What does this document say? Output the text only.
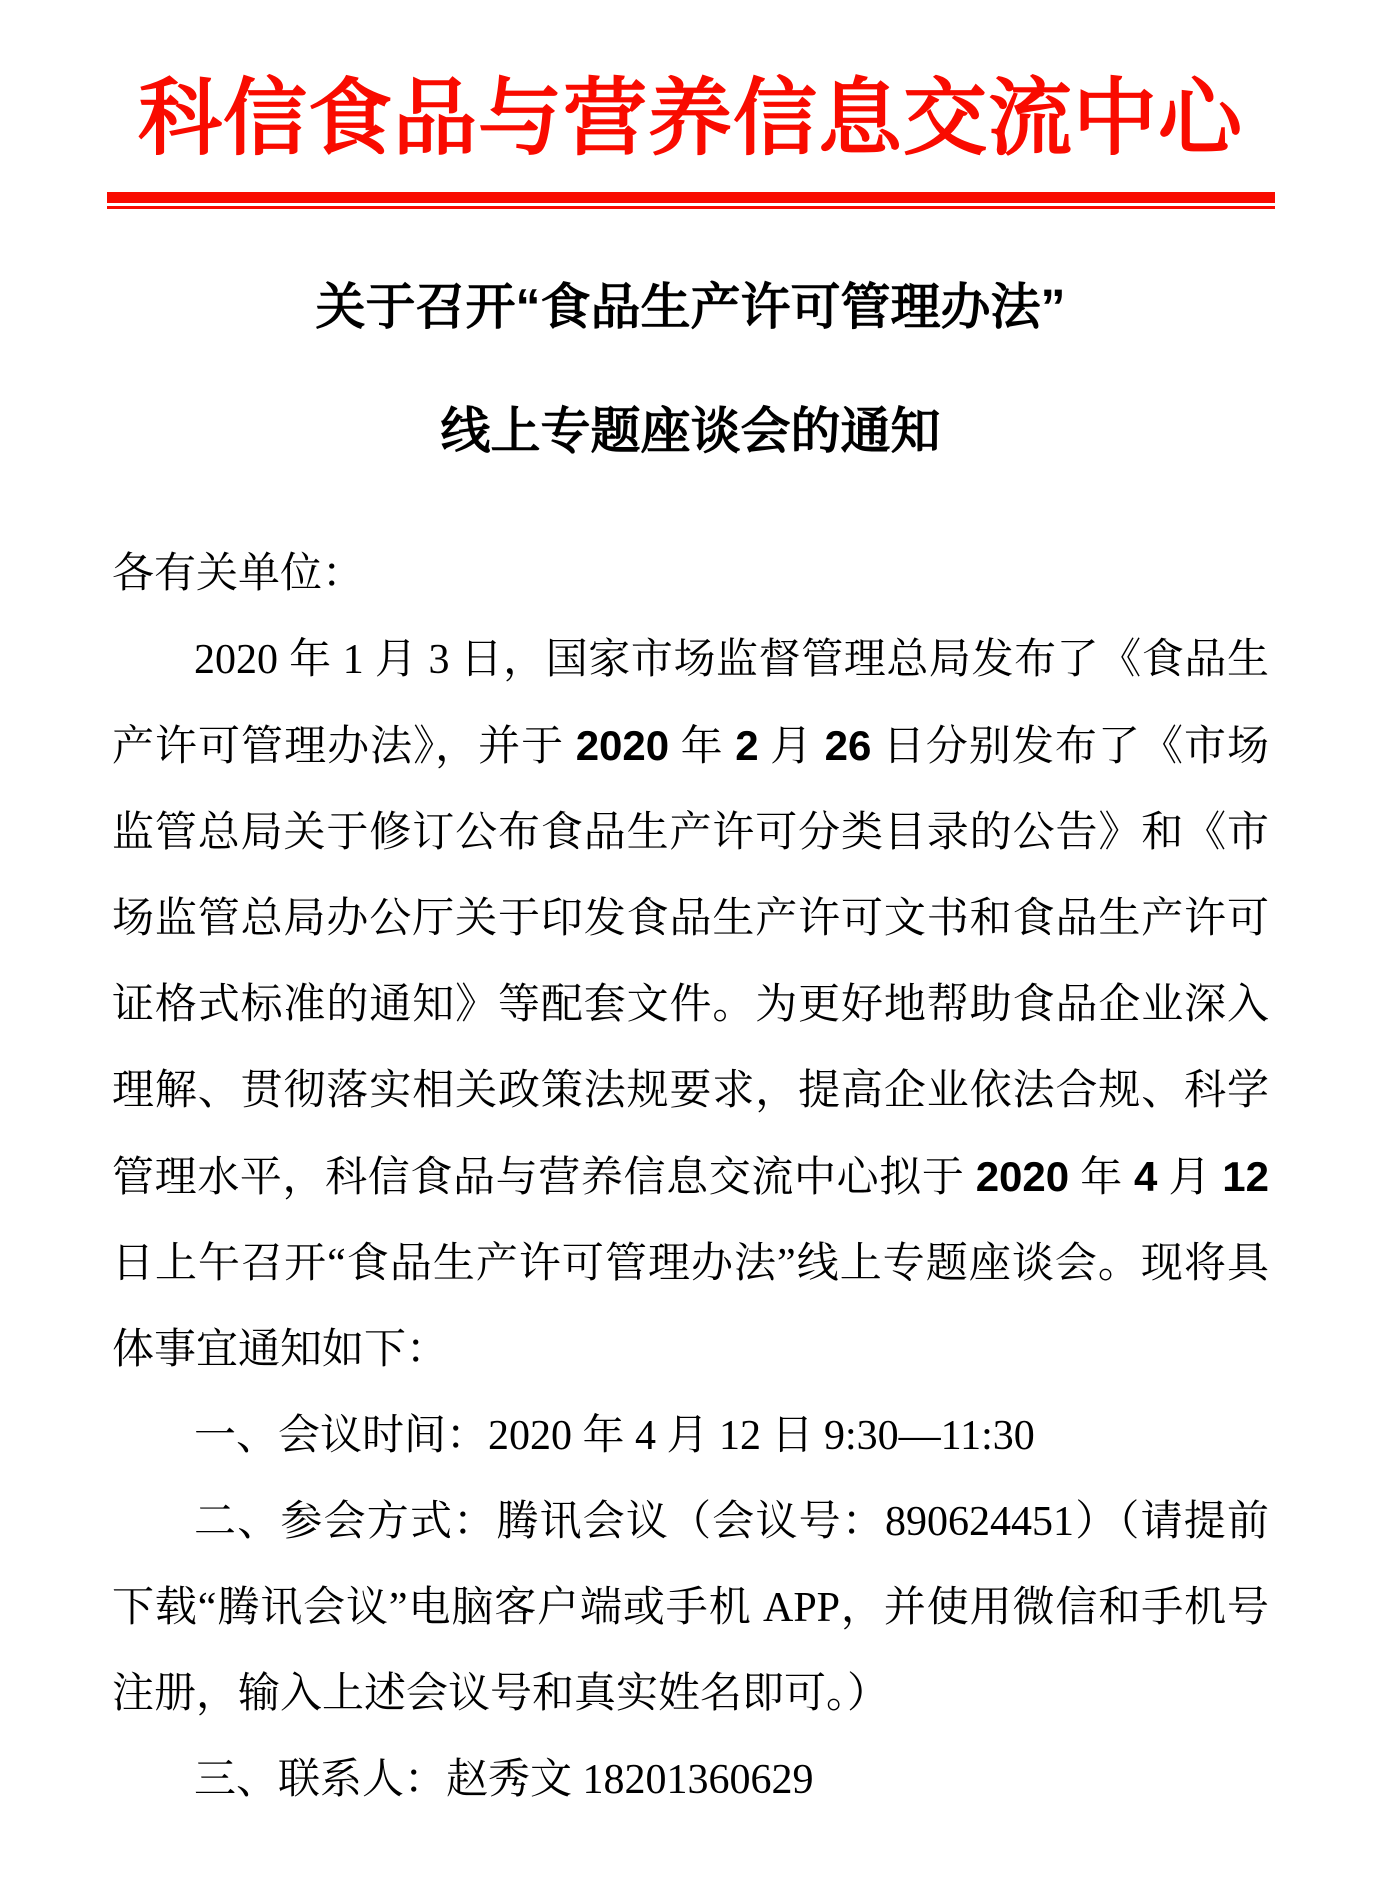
科信食品与营养信息交流中心
关于召开“食品生产许可管理办法”
线上专题座谈会的通知

各有关单位：

2020 年 1 月 3 日，国家市场监督管理总局发布了《食品生产许可管理办法》，并于 2020 年 2 月 26 日分别发布了《市场监管总局关于修订公布食品生产许可分类目录的公告》和《市场监管总局办公厅关于印发食品生产许可文书和食品生产许可证格式标准的通知》等配套文件。为更好地帮助食品企业深入理解、贯彻落实相关政策法规要求，提高企业依法合规、科学管理水平，科信食品与营养信息交流中心拟于 2020 年 4 月 12 日上午召开“食品生产许可管理办法”线上专题座谈会。现将具体事宜通知如下：

一、会议时间：2020 年 4 月 12 日 9:30—11:30

二、参会方式：腾讯会议（会议号：890624451）（请提前下载“腾讯会议”电脑客户端或手机 APP，并使用微信和手机号注册，输入上述会议号和真实姓名即可。）

三、联系人：赵秀文 18201360629
